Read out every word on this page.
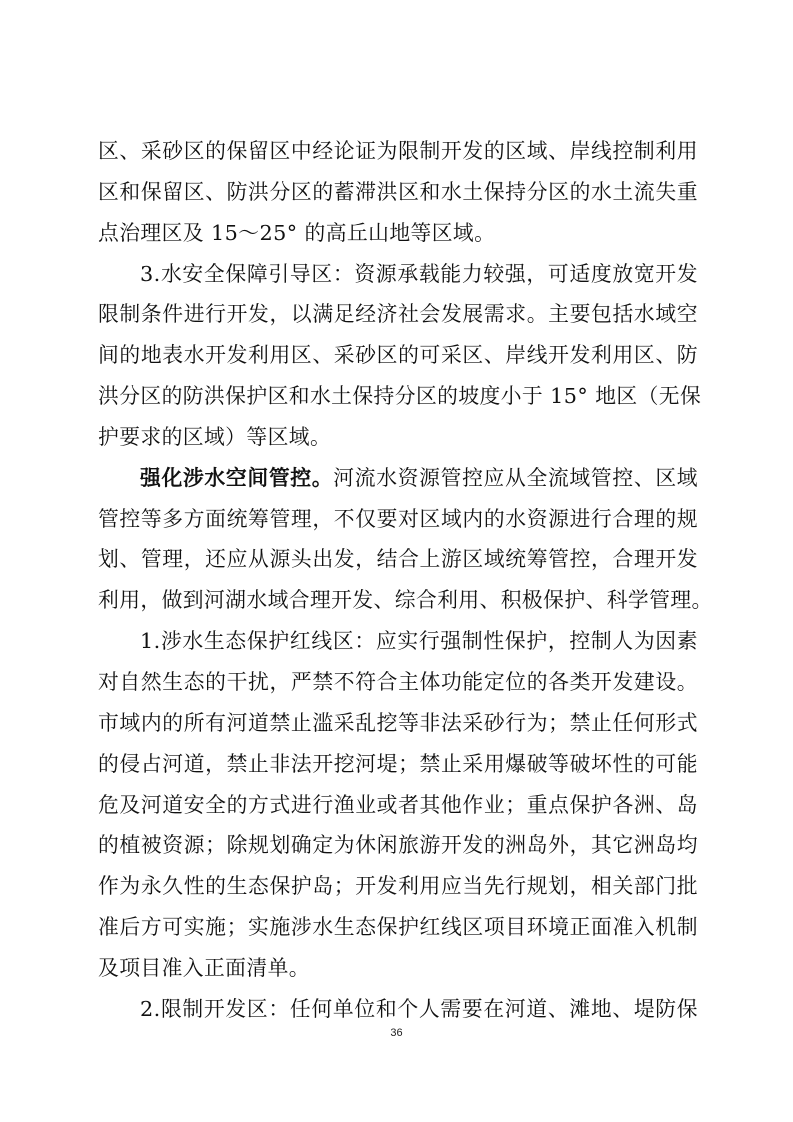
区、采砂区的保留区中经论证为限制开发的区域、岸线控制利用
区和保留区、防洪分区的蓄滞洪区和水土保持分区的水土流失重
点治理区及 15～25° 的高丘山地等区域。
3.水安全保障引导区：资源承载能力较强，可适度放宽开发
限制条件进行开发，以满足经济社会发展需求。主要包括水域空
间的地表水开发利用区、采砂区的可采区、岸线开发利用区、防
洪分区的防洪保护区和水土保持分区的坡度小于 15° 地区（无保
护要求的区域）等区域。
强化涉水空间管控。河流水资源管控应从全流域管控、区域
管控等多方面统筹管理，不仅要对区域内的水资源进行合理的规
划、管理，还应从源头出发，结合上游区域统筹管控，合理开发
利用，做到河湖水域合理开发、综合利用、积极保护、科学管理。
1.涉水生态保护红线区：应实行强制性保护，控制人为因素
对自然生态的干扰，严禁不符合主体功能定位的各类开发建设。
市域内的所有河道禁止滥采乱挖等非法采砂行为；禁止任何形式
的侵占河道，禁止非法开挖河堤；禁止采用爆破等破坏性的可能
危及河道安全的方式进行渔业或者其他作业；重点保护各洲、岛
的植被资源；除规划确定为休闲旅游开发的洲岛外，其它洲岛均
作为永久性的生态保护岛；开发利用应当先行规划，相关部门批
准后方可实施；实施涉水生态保护红线区项目环境正面准入机制
及项目准入正面清单。
2.限制开发区：任何单位和个人需要在河道、滩地、堤防保
36
